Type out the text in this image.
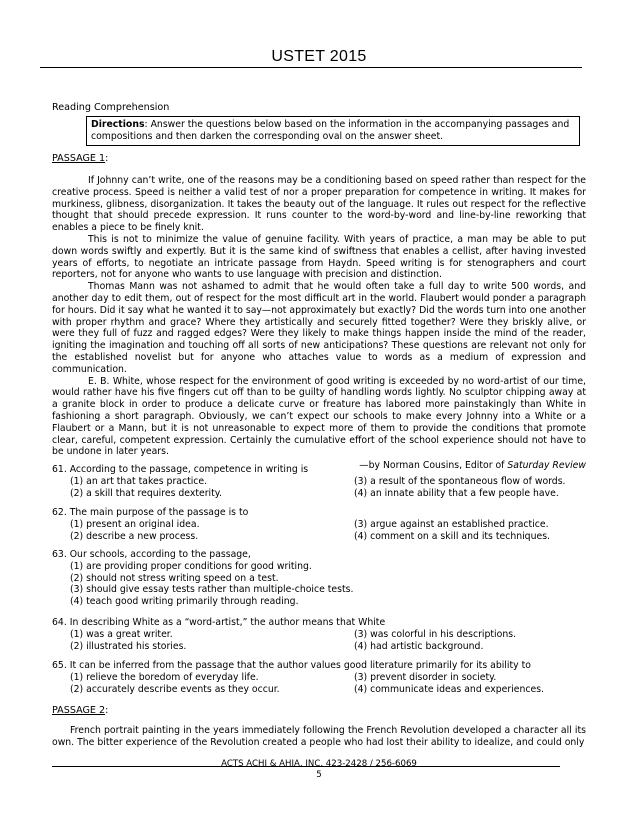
USTET 2015
Reading Comprehension
Directions: Answer the questions below based on the information in the accompanying passages and compositions and then darken the corresponding oval on the answer sheet.
PASSAGE 1:

If Johnny can’t write, one of the reasons may be a conditioning based on speed rather than respect for the creative process. Speed is neither a valid test of nor a proper preparation for competence in writing. It makes for murkiness, glibness, disorganization. It takes the beauty out of the language. It rules out respect for the reflective thought that should precede expression. It runs counter to the word-by-word and line-by-line reworking that enables a piece to be finely knit.

This is not to minimize the value of genuine facility. With years of practice, a man may be able to put down words swiftly and expertly. But it is the same kind of swiftness that enables a cellist, after having invested years of efforts, to negotiate an intricate passage from Haydn. Speed writing is for stenographers and court reporters, not for anyone who wants to use language with precision and distinction.

Thomas Mann was not ashamed to admit that he would often take a full day to write 500 words, and another day to edit them, out of respect for the most difficult art in the world. Flaubert would ponder a paragraph for hours. Did it say what he wanted it to say—not approximately but exactly? Did the words turn into one another with proper rhythm and grace? Where they artistically and securely fitted together? Were they briskly alive, or were they full of fuzz and ragged edges? Were they likely to make things happen inside the mind of the reader, igniting the imagination and touching off all sorts of new anticipations? These questions are relevant not only for the established novelist but for anyone who attaches value to words as a medium of expression and communication.

E. B. White, whose respect for the environment of good writing is exceeded by no word-artist of our time, would rather have his five fingers cut off than to be guilty of handling words lightly. No sculptor chipping away at a granite block in order to produce a delicate curve or freature has labored more painstakingly than White in fashioning a short paragraph. Obviously, we can’t expect our schools to make every Johnny into a White or a Flaubert or a Mann, but it is not unreasonable to expect more of them to provide the conditions that promote clear, careful, competent expression. Certainly the cumulative effort of the school experience should not have to be undone in later years.

—by Norman Cousins, Editor of Saturday Review

61. According to the passage, competence in writing is

(1) an art that takes practice.	(3) a result of the spontaneous flow of words.
(2) a skill that requires dexterity.	(4) an innate ability that a few people have.

62. The main purpose of the passage is to

(1) present an original idea.	(3) argue against an established practice.
(2) describe a new process.	(4) comment on a skill and its techniques.

63. Our schools, according to the passage,

(1) are providing proper conditions for good writing.
(2) should not stress writing speed on a test.
(3) should give essay tests rather than multiple-choice tests.
(4) teach good writing primarily through reading.

64. In describing White as a “word-artist,” the author means that White

(1) was a great writer.	(3) was colorful in his descriptions.
(2) illustrated his stories.	(4) had artistic background.

65. It can be inferred from the passage that the author values good literature primarily for its ability to

(1) relieve the boredom of everyday life.	(3) prevent disorder in society.
(2) accurately describe events as they occur.	(4) communicate ideas and experiences.
PASSAGE 2:

French portrait painting in the years immediately following the French Revolution developed a character all its own. The bitter experience of the Revolution created a people who had lost their ability to idealize, and could only

ACTS ACHI & AHIA, INC. 423-2428 / 256-6069
5
